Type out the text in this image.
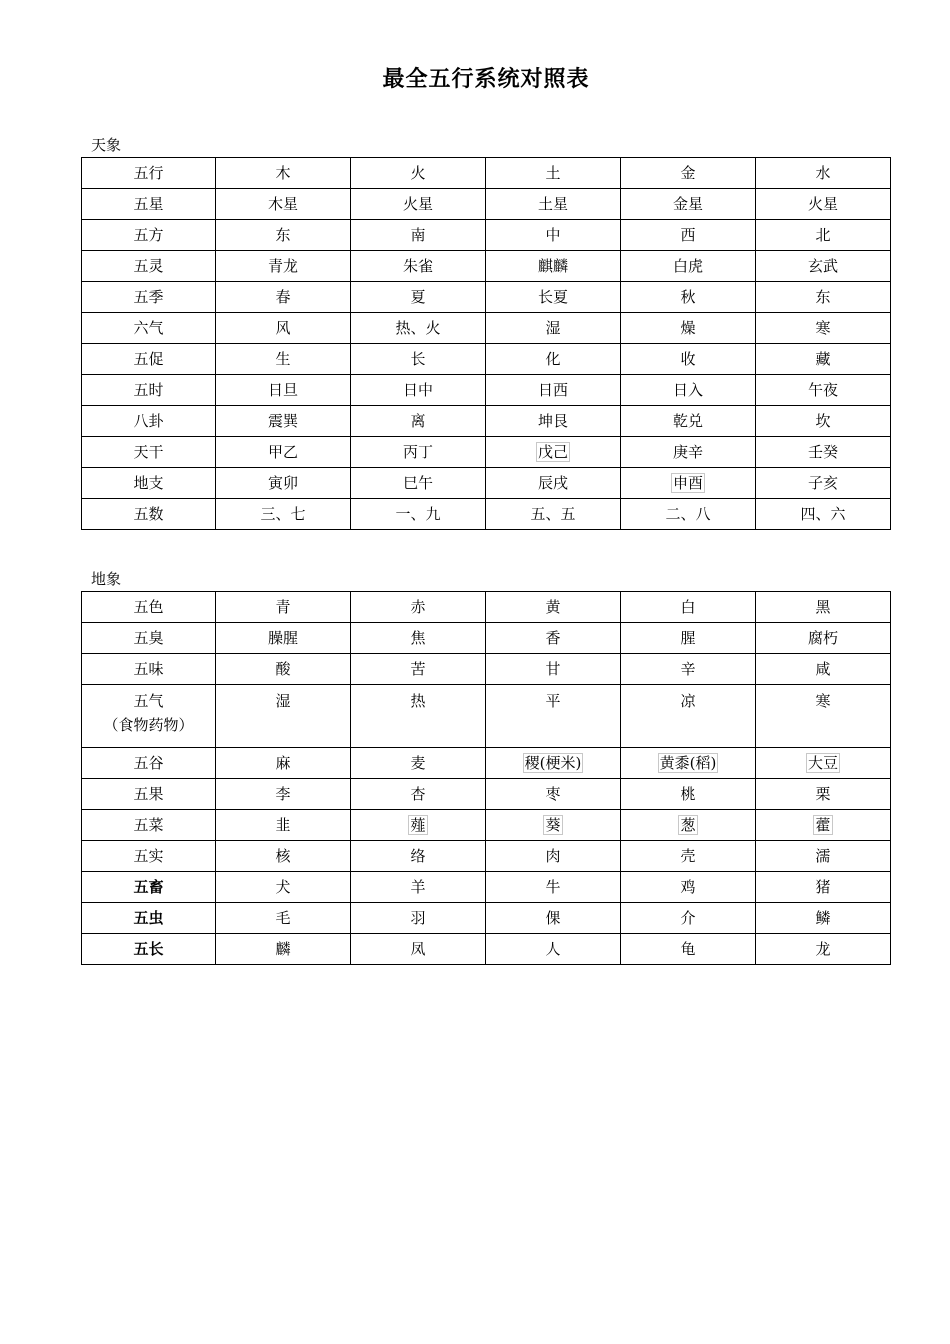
最全五行系统对照表
天象
五行	木	火	土	金	水
五星	木星	火星	土星	金星	火星
五方	东	南	中	西	北
五灵	青龙	朱雀	麒麟	白虎	玄武
五季	春	夏	长夏	秋	东
六气	风	热、火	湿	燥	寒
五促	生	长	化	收	藏
五时	日旦	日中	日西	日入	午夜
八卦	震巽	离	坤艮	乾兑	坎
天干	甲乙	丙丁	戊己	庚辛	壬癸
地支	寅卯	巳午	辰戌	申酉	子亥
五数	三、七	一、九	五、五	二、八	四、六
地象
五色	青	赤	黄	白	黑
五臭	臊腥	焦	香	腥	腐朽
五味	酸	苦	甘	辛	咸

五气
（食物药物）	湿	热	平	凉	寒
五谷	麻	麦	稷(梗米)	黄黍(稻)	大豆
五果	李	杏	枣	桃	栗
五菜	韭	薤	葵	葱	藿
五实	核	络	肉	壳	濡
五畜	犬	羊	牛	鸡	猪
五虫	毛	羽	倮	介	鳞
五长	麟	凤	人	龟	龙
